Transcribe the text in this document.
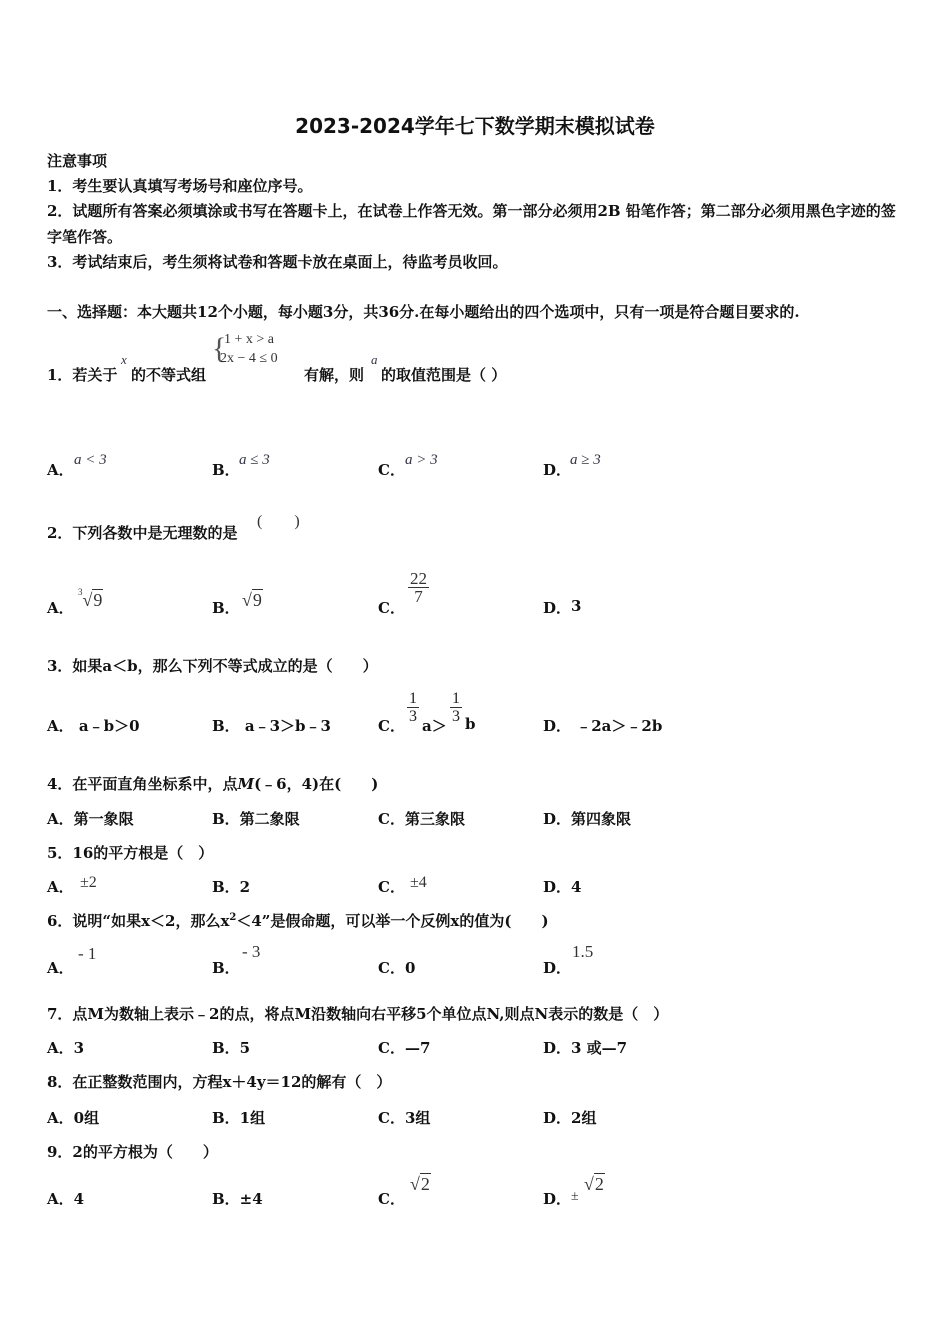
2023-2024学年七下数学期末模拟试卷
注意事项
1．考生要认真填写考场号和座位序号。
2．试题所有答案必须填涂或书写在答题卡上，在试卷上作答无效。第一部分必须用2B 铅笔作答；第二部分必须用黑色字迹的签字笔作答。
3．考试结束后，考生须将试卷和答题卡放在桌面上，待监考员收回。
一、选择题：本大题共12个小题，每小题3分，共36分.在每小题给出的四个选项中，只有一项是符合题目要求的.
1．若关于
x
的不等式组
{
1 + x > a
2x − 4 ≤ 0
有解，则
a
的取值范围是（ ）
A．
a < 3
B．
a ≤ 3
C．
a > 3
D．
a ≥ 3
2．下列各数中是无理数的是
(　　)
A．
$^3$√9	B． √9	C．
$\frac{22}{7}$
D． 3
3．如果a＜b，那么下列不等式成立的是（　　）
A． a﹣b＞0	B． a﹣3＞b﹣3	C．
$\frac{1}{3}$
a＞
$\frac{1}{3}$ b	D． ﹣2a＞﹣2b
4．在平面直角坐标系中，点M(﹣6，4)在(　　)
A．第一象限	B．第二象限	C．第三象限	D．第四象限
5．16的平方根是（　）
A． ±2	B．2	C． ±4	D．4
6．说明“如果x＜2，那么$x^2<4$”是假命题，可以举一个反例x的值为(　　)
A．
- 1
B．
- 3
C．0	D．
1.5
7．点M为数轴上表示﹣2的点，将点M沿数轴向右平移5个单位点N,则点N表示的数是（　）
A．3	B．5	C．—7	D．3 或—7
8．在正整数范围内，方程x＋4y＝12的解有（　）
A．0组	B．1组	C．3组	D．2组
9．2的平方根为（　　）
A．4	B．±4	C．
√2
D． ±
√2
